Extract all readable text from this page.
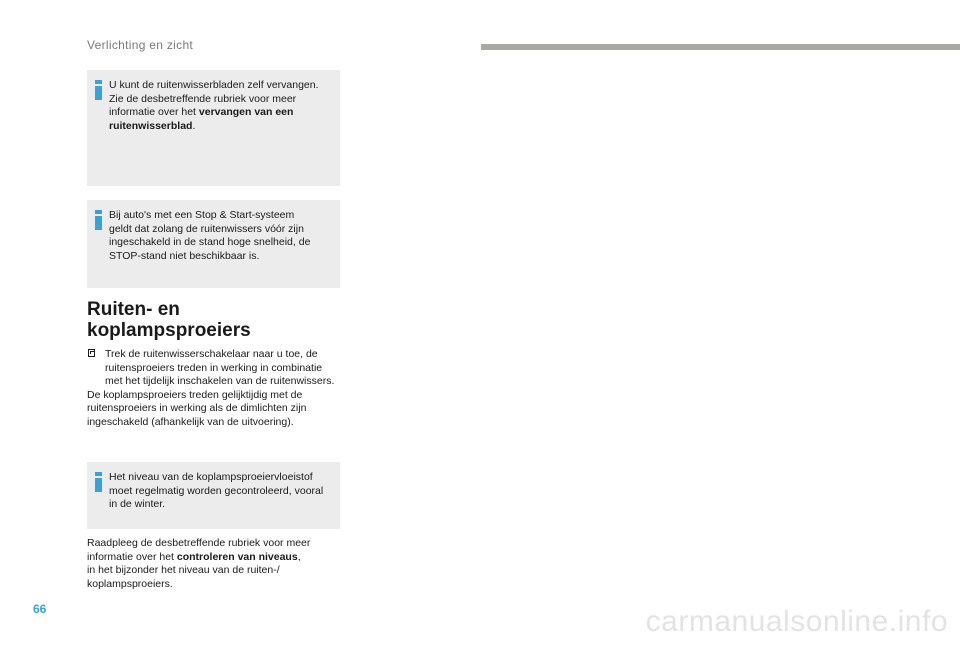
Verlichting en zicht
U kunt de ruitenwisserbladen zelf vervangen.
Zie de desbetreffende rubriek voor meer
informatie over het vervangen van een
ruitenwisserblad.
Bij auto's met een Stop & Start-systeem
geldt dat zolang de ruitenwissers vóór zijn
ingeschakeld in de stand hoge snelheid, de
STOP-stand niet beschikbaar is.
Ruiten- en
koplampsproeiers
Trek de ruitenwisserschakelaar naar u toe, de
ruitensproeiers treden in werking in combinatie
met het tijdelijk inschakelen van de ruitenwissers.
De koplampsproeiers treden gelijktijdig met de
ruitensproeiers in werking als de dimlichten zijn
ingeschakeld (afhankelijk van de uitvoering).
Het niveau van de koplampsproeiervloeistof
moet regelmatig worden gecontroleerd, vooral
in de winter.
Raadpleeg de desbetreffende rubriek voor meer
informatie over het controleren van niveaus,
in het bijzonder het niveau van de ruiten-/
koplampsproeiers.
66	carmanualsonline.info
